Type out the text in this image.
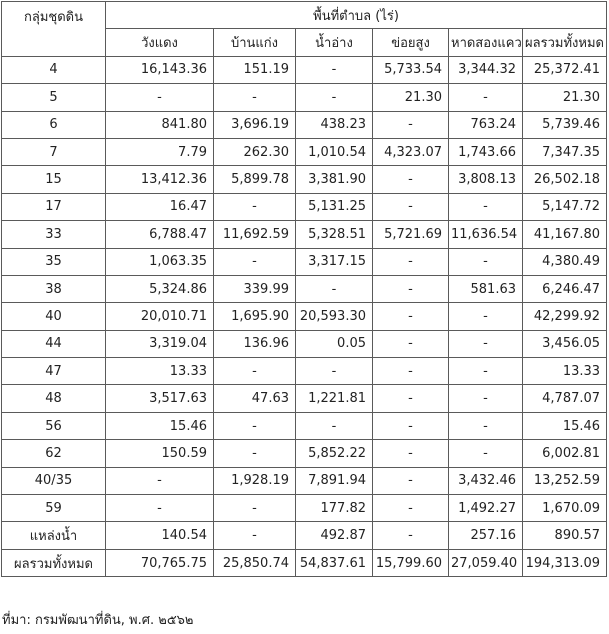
กลุ่มชุดดิน	พื้นที่ตำบล (ไร่)					
	วังแดง	บ้านแก่ง	น้ำอ่าง	ข่อยสูง	หาดสองแคว	ผลรวมทั้งหมด
4	16,143.36	151.19	-	5,733.54	3,344.32	25,372.41
5	-	-	-	21.30	-	21.30
6	841.80	3,696.19	438.23	-	763.24	5,739.46
7	7.79	262.30	1,010.54	4,323.07	1,743.66	7,347.35
15	13,412.36	5,899.78	3,381.90	-	3,808.13	26,502.18
17	16.47	-	5,131.25	-	-	5,147.72
33	6,788.47	11,692.59	5,328.51	5,721.69	11,636.54	41,167.80
35	1,063.35	-	3,317.15	-	-	4,380.49
38	5,324.86	339.99	-	-	581.63	6,246.47
40	20,010.71	1,695.90	20,593.30	-	-	42,299.92
44	3,319.04	136.96	0.05	-	-	3,456.05
47	13.33	-	-	-	-	13.33
48	3,517.63	47.63	1,221.81	-	-	4,787.07
56	15.46	-	-	-	-	15.46
62	150.59	-	5,852.22	-	-	6,002.81
40/35	-	1,928.19	7,891.94	-	3,432.46	13,252.59
59	-	-	177.82	-	1,492.27	1,670.09
แหล่งน้ำ	140.54	-	492.87	-	257.16	890.57
ผลรวมทั้งหมด	70,765.75	25,850.74	54,837.61	15,799.60	27,059.40	194,313.09
ที่มา: กรมพัฒนาที่ดิน, พ.ศ. ๒๕๖๒
